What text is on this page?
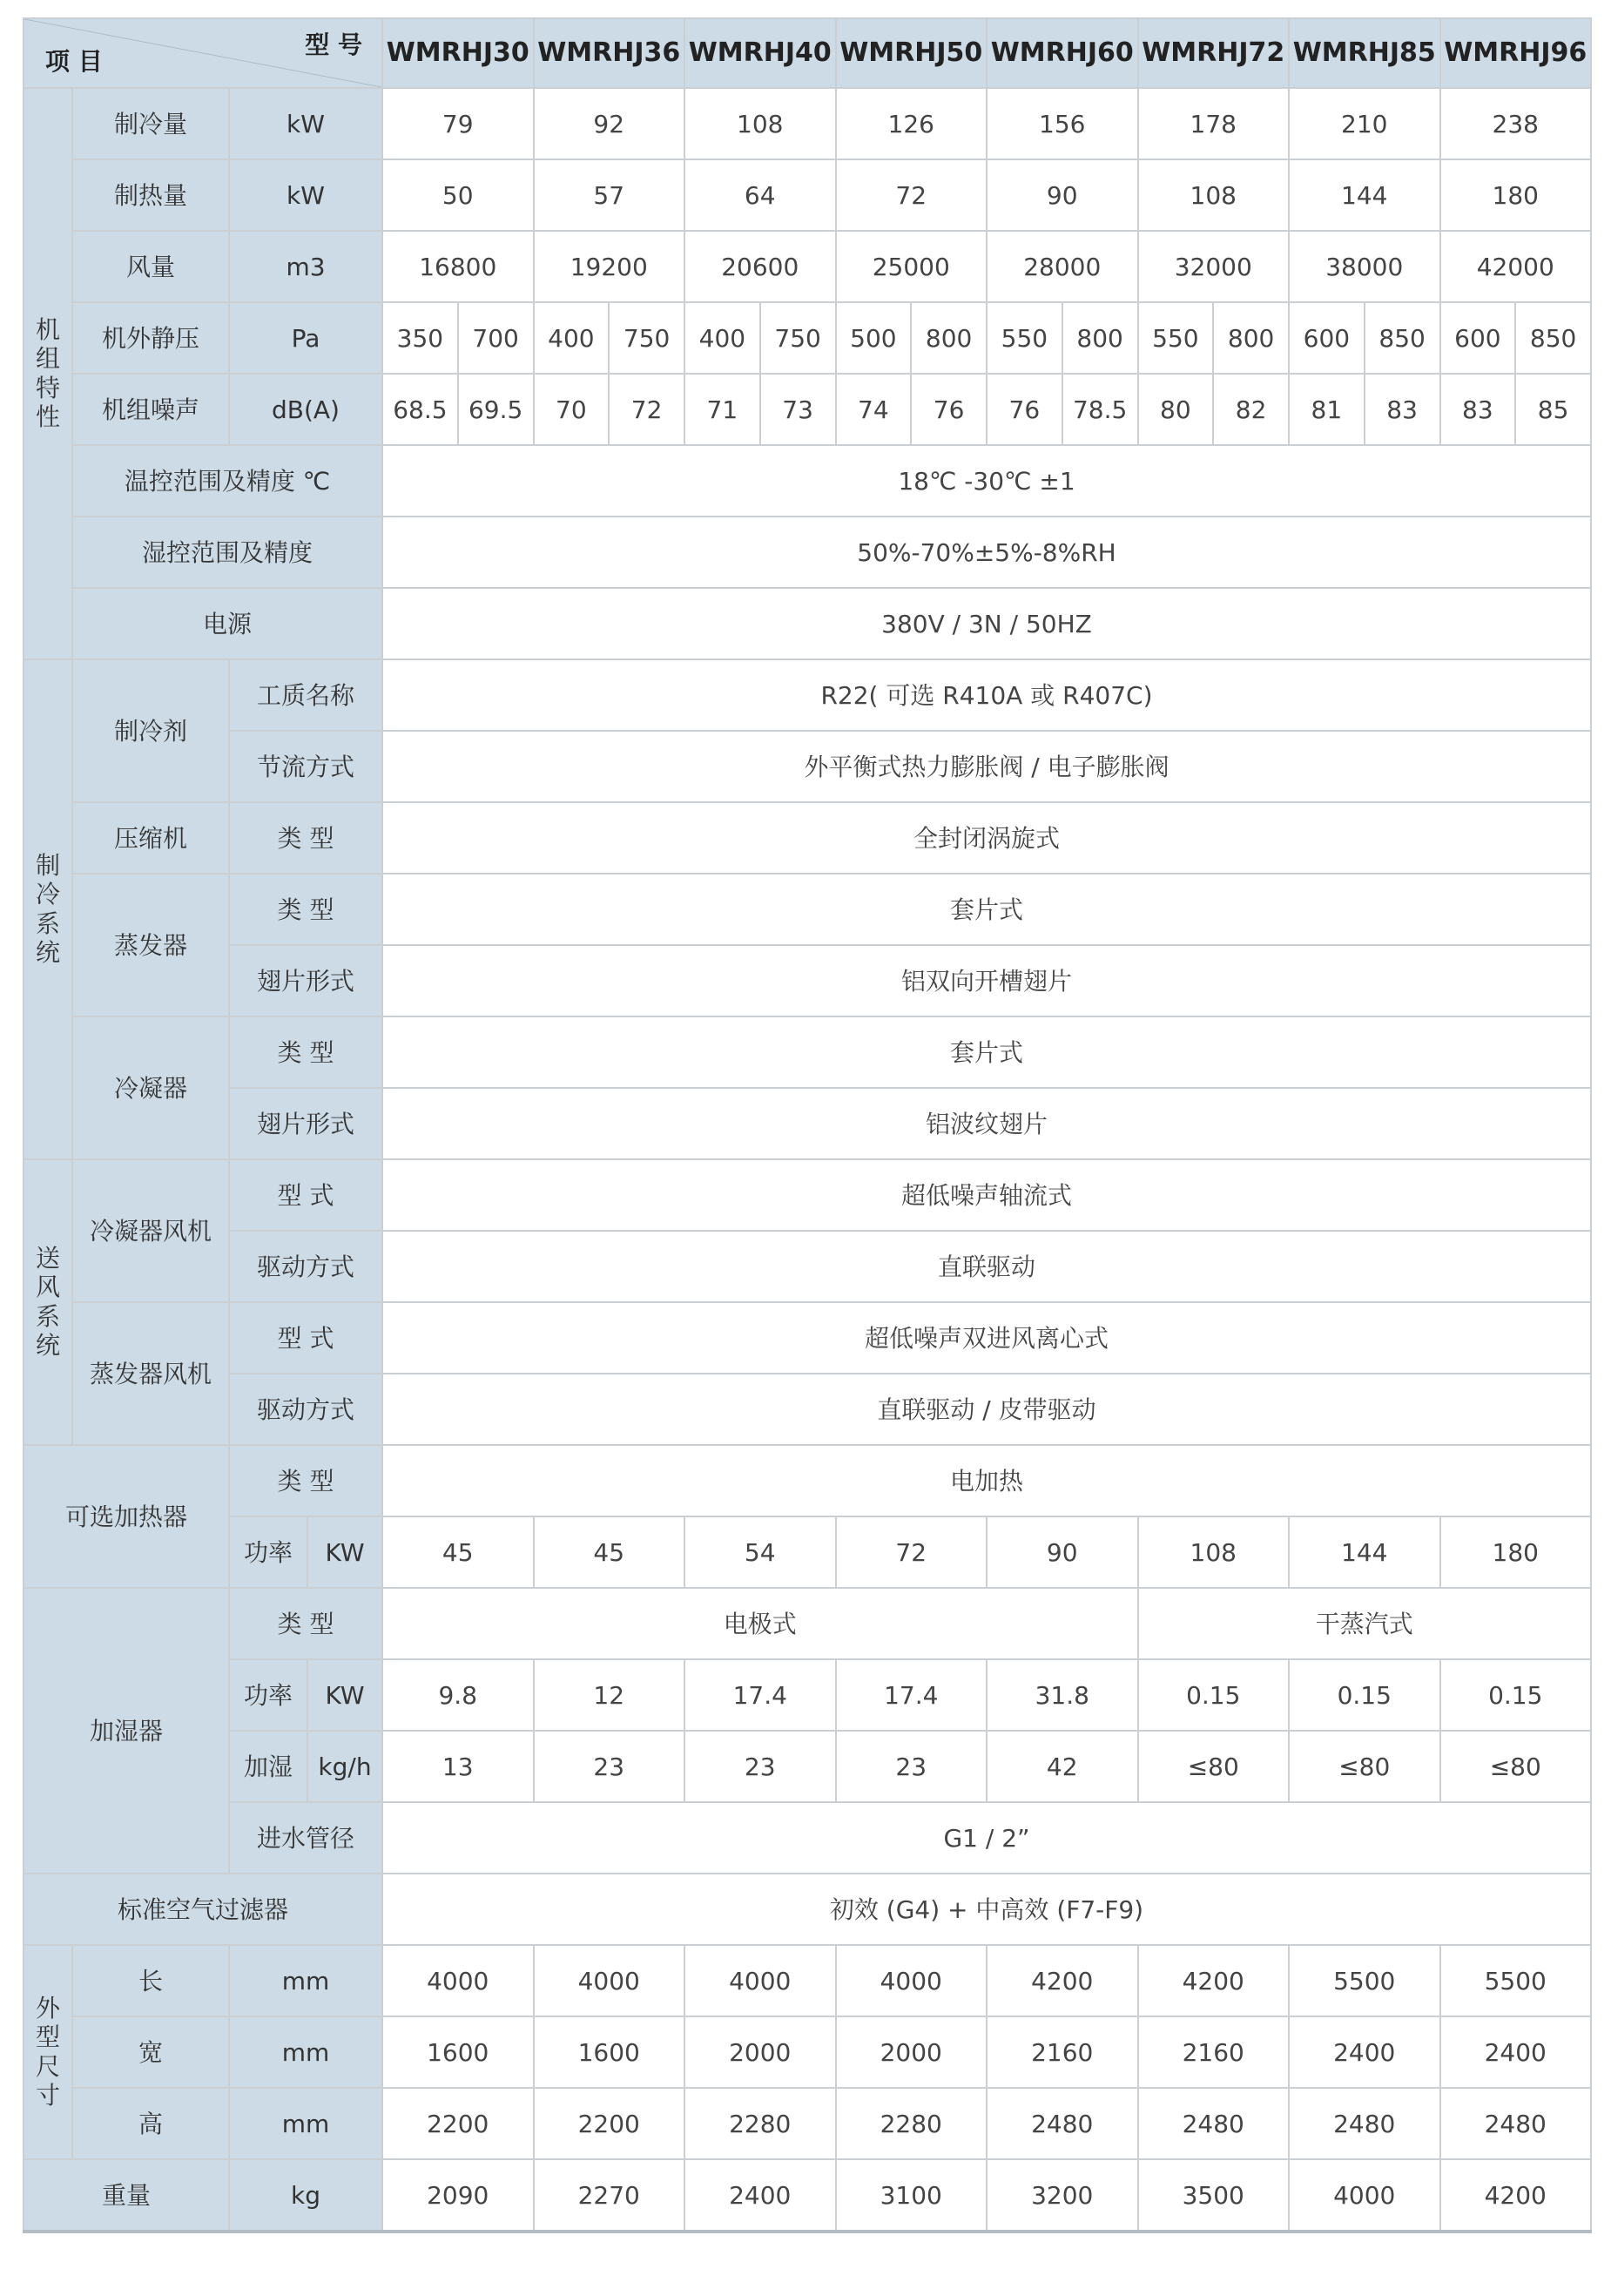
型 号
项 目				WMRHJ30		WMRHJ36		WMRHJ40		WMRHJ50		WMRHJ60		WMRHJ72		WMRHJ85		WMRHJ96	
机组特性	制冷量	kW		79		92		108		126		156		178		210		238	
	制热量	kW		50		57		64		72		90		108		144		180	
	风量	m3		16800		19200		20600		25000		28000		32000		38000		42000	
	机外静压	Pa		350	700	400	750	400	750	500	800	550	800	550	800	600	850	600	850
	机组噪声	dB(A)		68.5	69.5	70	72	71	73	74	76	76	78.5	80	82	81	83	83	85
	温控范围及精度 ℃			18℃ -30℃ ±1															
	湿控范围及精度			50%-70%±5%-8%RH															
	电源			380V / 3N / 50HZ															
制冷系统	制冷剂	工质名称		R22( 可选 R410A 或 R407C)															
		节流方式		外平衡式热力膨胀阀 / 电子膨胀阀															
	压缩机	类 型		全封闭涡旋式															
	蒸发器	类 型		套片式															
		翅片形式		铝双向开槽翅片															
	冷凝器	类 型		套片式															
		翅片形式		铝波纹翅片															
送风系统	冷凝器风机	型 式		超低噪声轴流式															
		驱动方式		直联驱动															
	蒸发器风机	型 式		超低噪声双进风离心式															
		驱动方式		直联驱动 / 皮带驱动															
可选加热器		类 型		电加热															
		功率	KW	45		45		54		72		90		108		144		180	
加湿器		类 型		电极式										干蒸汽式					
		功率	KW	9.8		12		17.4		17.4		31.8		0.15		0.15		0.15	
		加湿	kg/h	13		23		23		23		42		≤80		≤80		≤80	
		进水管径		G1 / 2”															
标准空气过滤器				初效 (G4) + 中高效 (F7-F9)															
外型尺寸	长	mm		4000		4000		4000		4000		4200		4200		5500		5500	
	宽	mm		1600		1600		2000		2000		2160		2160		2400		2400	
	高	mm		2200		2200		2280		2280		2480		2480		2480		2480	
重量		kg		2090		2270		2400		3100		3200		3500		4000		4200	
